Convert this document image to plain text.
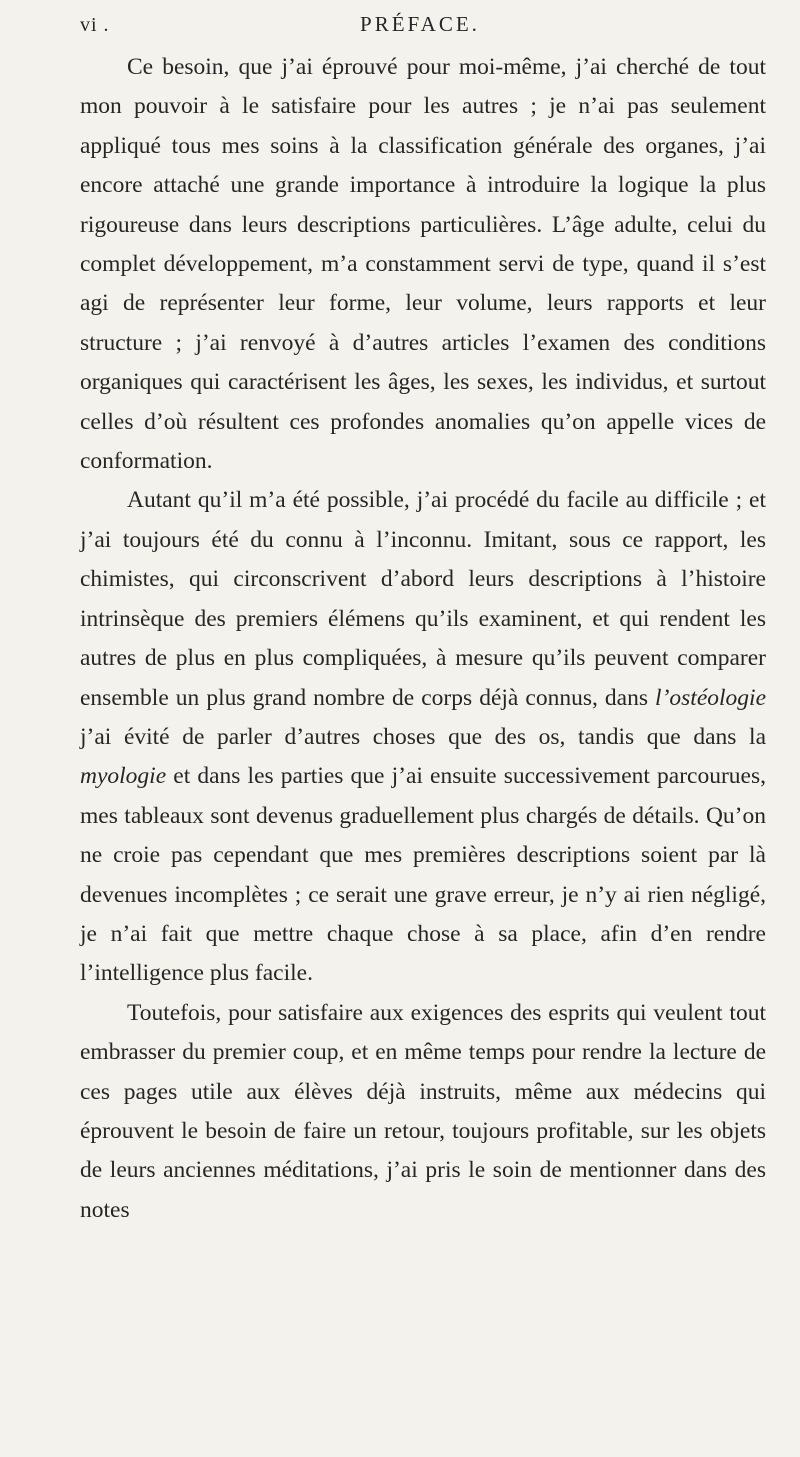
vi .	PRÉFACE.

Ce besoin, que j’ai éprouvé pour moi-même, j’ai cherché de tout mon pouvoir à le satisfaire pour les autres ; je n’ai pas seulement appliqué tous mes soins à la classification générale des organes, j’ai encore attaché une grande importance à introduire la logique la plus rigoureuse dans leurs descriptions particulières. L’âge adulte, celui du complet développement, m’a constamment servi de type, quand il s’est agi de représenter leur forme, leur volume, leurs rapports et leur structure ; j’ai renvoyé à d’autres articles l’examen des conditions organiques qui caractérisent les âges, les sexes, les individus, et surtout celles d’où résultent ces profondes anomalies qu’on appelle vices de conformation.

Autant qu’il m’a été possible, j’ai procédé du facile au difficile ; et j’ai toujours été du connu à l’inconnu. Imitant, sous ce rapport, les chimistes, qui circonscrivent d’abord leurs descriptions à l’histoire intrinsèque des premiers élémens qu’ils examinent, et qui rendent les autres de plus en plus compliquées, à mesure qu’ils peuvent comparer ensemble un plus grand nombre de corps déjà connus, dans l’ostéologie j’ai évité de parler d’autres choses que des os, tandis que dans la myologie et dans les parties que j’ai ensuite successivement parcourues, mes tableaux sont devenus graduellement plus chargés de détails. Qu’on ne croie pas cependant que mes premières descriptions soient par là devenues incomplètes ; ce serait une grave erreur, je n’y ai rien négligé, je n’ai fait que mettre chaque chose à sa place, afin d’en rendre l’intelligence plus facile.

Toutefois, pour satisfaire aux exigences des esprits qui veulent tout embrasser du premier coup, et en même temps pour rendre la lecture de ces pages utile aux élèves déjà instruits, même aux médecins qui éprouvent le besoin de faire un retour, toujours profitable, sur les objets de leurs anciennes méditations, j’ai pris le soin de mentionner dans des notes
